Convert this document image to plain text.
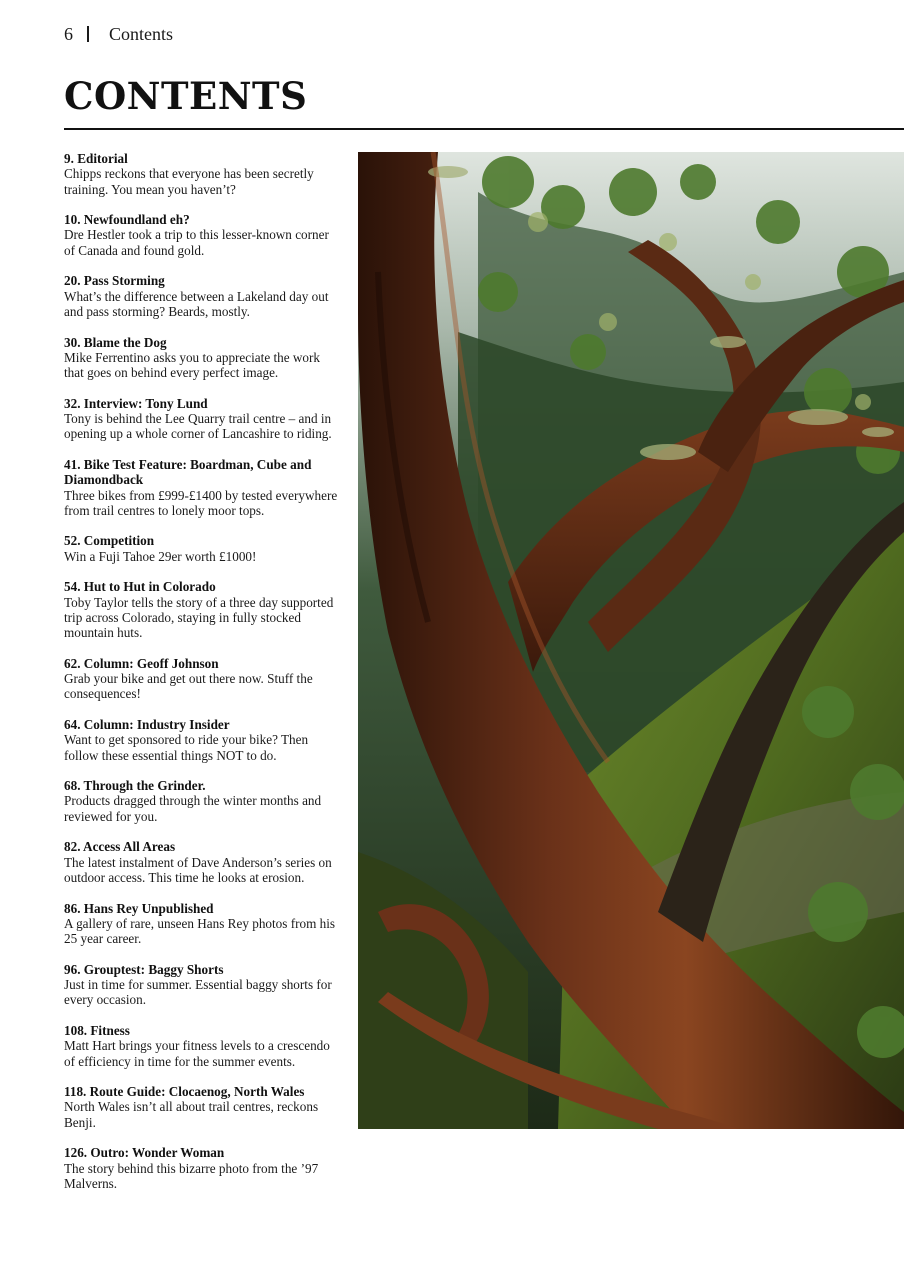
6 Contents
CONTENTS
9. Editorial
Chipps reckons that everyone has been secretly training. You mean you haven’t?
10. Newfoundland eh?
Dre Hestler took a trip to this lesser-known corner of Canada and found gold.
20. Pass Storming
What’s the difference between a Lakeland day out and pass storming? Beards, mostly.
30. Blame the Dog
Mike Ferrentino asks you to appreciate the work that goes on behind every perfect image.
32. Interview: Tony Lund
Tony is behind the Lee Quarry trail centre – and in opening up a whole corner of Lancashire to riding.
41. Bike Test Feature: Boardman, Cube and Diamondback
Three bikes from £999-£1400 by tested everywhere from trail centres to lonely moor tops.
52. Competition
Win a Fuji Tahoe 29er worth £1000!
54. Hut to Hut in Colorado
Toby Taylor tells the story of a three day supported trip across Colorado, staying in fully stocked mountain huts.
62. Column: Geoff Johnson
Grab your bike and get out there now. Stuff the consequences!
64. Column: Industry Insider
Want to get sponsored to ride your bike? Then follow these essential things NOT to do.
68. Through the Grinder.
Products dragged through the winter months and reviewed for you.
82. Access All Areas
The latest instalment of Dave Anderson’s series on outdoor access. This time he looks at erosion.
86. Hans Rey Unpublished
A gallery of rare, unseen Hans Rey photos from his 25 year career.
96. Grouptest: Baggy Shorts
Just in time for summer. Essential baggy shorts for every occasion.
108. Fitness
Matt Hart brings your fitness levels to a crescendo of efficiency in time for the summer events.
118. Route Guide: Clocaenog, North Wales
North Wales isn’t all about trail centres, reckons Benji.
126. Outro: Wonder Woman
The story behind this bizarre photo from the ’97 Malverns.
